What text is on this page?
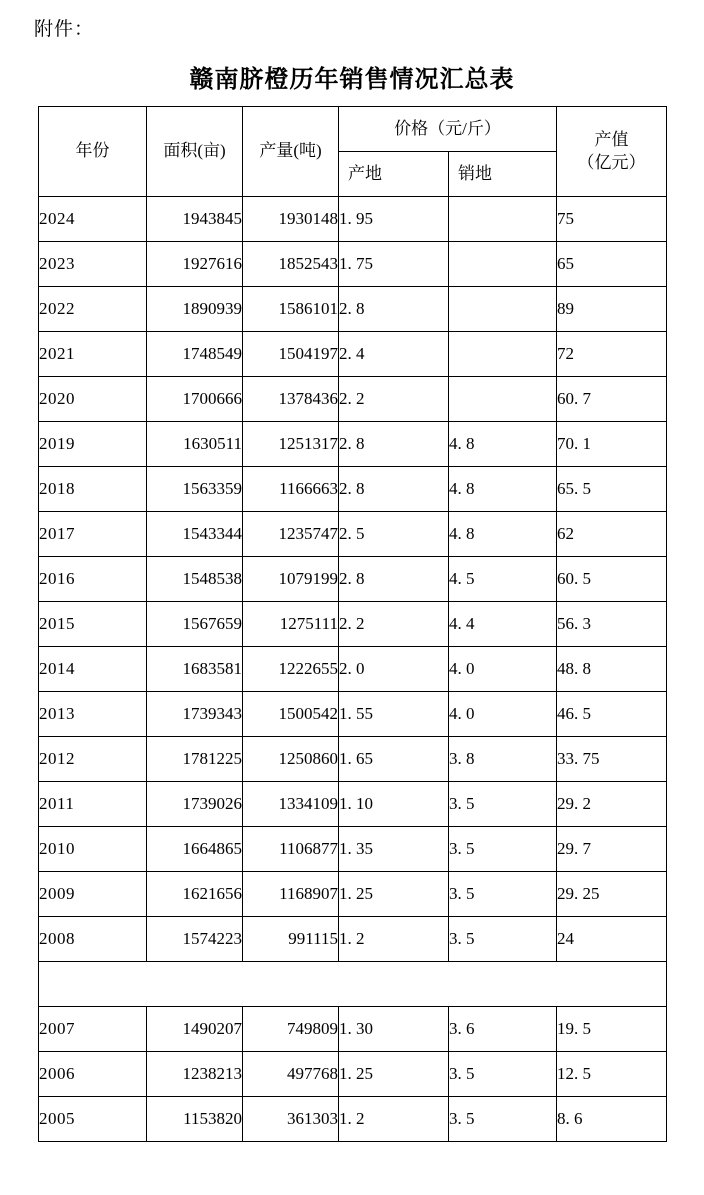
附件：
赣南脐橙历年销售情况汇总表
年份	面积(亩)	产量(吨)	价格（元/斤）		产值
（亿元）

			产地	销地	
2024	1943845	1930148	1. 95		75
2023	1927616	1852543	1. 75		65
2022	1890939	1586101	2. 8		89
2021	1748549	1504197	2. 4		72
2020	1700666	1378436	2. 2		60. 7
2019	1630511	1251317	2. 8	4. 8	70. 1
2018	1563359	1166663	2. 8	4. 8	65. 5
2017	1543344	1235747	2. 5	4. 8	62
2016	1548538	1079199	2. 8	4. 5	60. 5
2015	1567659	1275111	2. 2	4. 4	56. 3
2014	1683581	1222655	2. 0	4. 0	48. 8
2013	1739343	1500542	1. 55	4. 0	46. 5
2012	1781225	1250860	1. 65	3. 8	33. 75
2011	1739026	1334109	1. 10	3. 5	29. 2
2010	1664865	1106877	1. 35	3. 5	29. 7
2009	1621656	1168907	1. 25	3. 5	29. 25
2008	1574223	991115	1. 2	3. 5	24

2007	1490207	749809	1. 30	3. 6	19. 5
2006	1238213	497768	1. 25	3. 5	12. 5
2005	1153820	361303	1. 2	3. 5	8. 6
